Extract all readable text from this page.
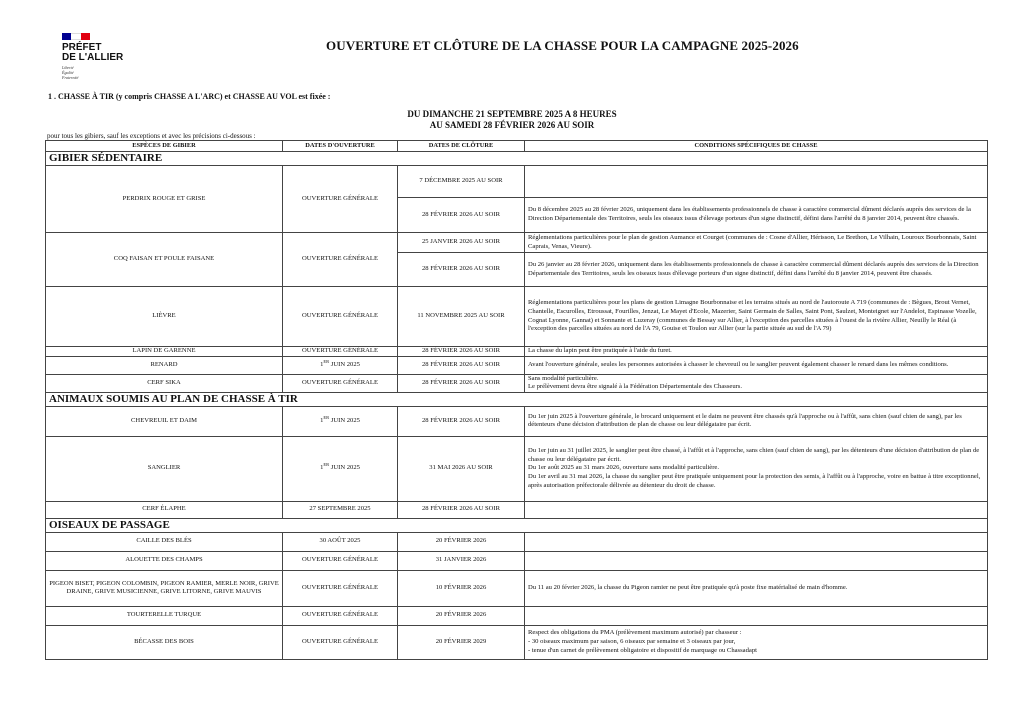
PRÉFET
DE L'ALLIER
Liberté
Égalité
Fraternité
OUVERTURE ET CLÔTURE DE LA CHASSE POUR LA CAMPAGNE 2025-2026
1 . CHASSE À TIR (y compris CHASSE A L'ARC) et CHASSE AU VOL est fixée :
DU DIMANCHE 21 SEPTEMBRE 2025 A 8 HEURES
AU SAMEDI 28 FÉVRIER 2026 AU SOIR
pour tous les gibiers, sauf les exceptions et avec les précisions ci-dessous :
ESPÈCES DE GIBIER	DATES D'OUVERTURE	DATES DE CLÔTURE	CONDITIONS SPÉCIFIQUES DE CHASSE
GIBIER SÉDENTAIRE			
PERDRIX ROUGE ET GRISE	OUVERTURE GÉNÉRALE	7 DÉCEMBRE 2025 AU SOIR	
		28 FÉVRIER 2026 AU SOIR	Du 8 décembre 2025 au 28 février 2026, uniquement dans les établissements professionnels de chasse à caractère commercial dûment déclarés auprès des services de la Direction Départementale des Territoires, seuls les oiseaux issus d'élevage porteurs d'un signe distinctif, défini dans l'arrêté du 8 janvier 2014, peuvent être chassés.
COQ FAISAN ET POULE FAISANE	OUVERTURE GÉNÉRALE	25 JANVIER 2026 AU SOIR	Réglementations particulières pour le plan de gestion Aumance et Courget (communes de : Cosne d'Allier, Hérisson, Le Brethon, Le Vilhain, Louroux Bourbonnais, Saint Caprais, Venas, Vieure).
		28 FÉVRIER 2026 AU SOIR	Du 26 janvier au 28 février 2026, uniquement dans les établissements professionnels de chasse à caractère commercial dûment déclarés auprès des services de la Direction Départementale des Territoires, seuls les oiseaux issus d'élevage porteurs d'un signe distinctif, défini dans l'arrêté du 8 janvier 2014, peuvent être chassés.
LIÈVRE	OUVERTURE GÉNÉRALE	11 NOVEMBRE 2025 AU SOIR	Réglementations particulières pour les plans de gestion Limagne Bourbonnaise et les terrains situés au nord de l'autoroute A 719 (communes de : Bègues, Brout Vernet, Chantelle, Escurolles, Etroussat, Fourilles, Jenzat, Le Mayet d'Ecole, Mazerier, Saint Germain de Salles, Saint Pont, Saulzet, Monteignet sur l'Andelot, Espinasse Vozelle, Cognat Lyonne, Gannat) et Sonnante et Luzeray (communes de Bessay sur Allier, à l'exception des parcelles situées à l'ouest de la rivière Allier, Neuilly le Réal (à l'exception des parcelles situées au nord de l'A 79, Gouise et Toulon sur Allier (sur la partie située au sud de l'A 79)
LAPIN DE GARENNE	OUVERTURE GÉNÉRALE	28 FÉVRIER 2026 AU SOIR	La chasse du lapin peut être pratiquée à l'aide du furet.
RENARD	1ER JUIN 2025	28 FÉVRIER 2026 AU SOIR	Avant l'ouverture générale, seules les personnes autorisées à chasser le chevreuil ou le sanglier peuvent également chasser le renard dans les mêmes conditions.
CERF SIKA	OUVERTURE GÉNÉRALE	28 FÉVRIER 2026 AU SOIR	Sans modalité particulière.
Le prélèvement devra être signalé à la Fédération Départementale des Chasseurs.
ANIMAUX SOUMIS AU PLAN DE CHASSE À TIR			
CHEVREUIL ET DAIM	1ER JUIN 2025	28 FÉVRIER 2026 AU SOIR	Du 1er juin 2025 à l'ouverture générale, le brocard uniquement et le daim ne peuvent être chassés qu'à l'approche ou à l'affût, sans chien (sauf chien de sang), par les détenteurs d'une décision d'attribution de plan de chasse ou leur délégataire par écrit.
SANGLIER	1ER JUIN 2025	31 MAI 2026 AU SOIR	Du 1er juin au 31 juillet 2025, le sanglier peut être chassé, à l'affût et à l'approche, sans chien (sauf chien de sang), par les détenteurs d'une décision d'attribution de plan de chasse ou leur délégataire par écrit.
Du 1er août 2025 au 31 mars 2026, ouverture sans modalité particulière.
Du 1er avril au 31 mai 2026, la chasse du sanglier peut être pratiquée uniquement pour la protection des semis, à l'affût ou à l'approche, voire en battue à titre exceptionnel, après autorisation préfectorale délivrée au détenteur du droit de chasse.
CERF ÉLAPHE	27 SEPTEMBRE 2025	28 FÉVRIER 2026 AU SOIR	
OISEAUX DE PASSAGE			
CAILLE DES BLÉS	30 AOÛT 2025	20 FÉVRIER 2026	
ALOUETTE DES CHAMPS	OUVERTURE GÉNÉRALE	31 JANVIER 2026	
PIGEON BISET, PIGEON COLOMBIN, PIGEON RAMIER, MERLE NOIR, GRIVE DRAINE, GRIVE MUSICIENNE, GRIVE LITORNE, GRIVE MAUVIS	OUVERTURE GÉNÉRALE	10 FÉVRIER 2026	Du 11 au 20 février 2026, la chasse du Pigeon ramier ne peut être pratiquée qu'à poste fixe matérialisé de main d'homme.
TOURTERELLE TURQUE	OUVERTURE GÉNÉRALE	20 FÉVRIER 2026	
BÉCASSE DES BOIS	OUVERTURE GÉNÉRALE	20 FÉVRIER 2029	Respect des obligations du PMA (prélèvement maximum autorisé) par chasseur :
- 30 oiseaux maximum par saison, 6 oiseaux par semaine et 3 oiseaux par jour,
- tenue d'un carnet de prélèvement obligatoire et dispositif de marquage ou Chassadapt
